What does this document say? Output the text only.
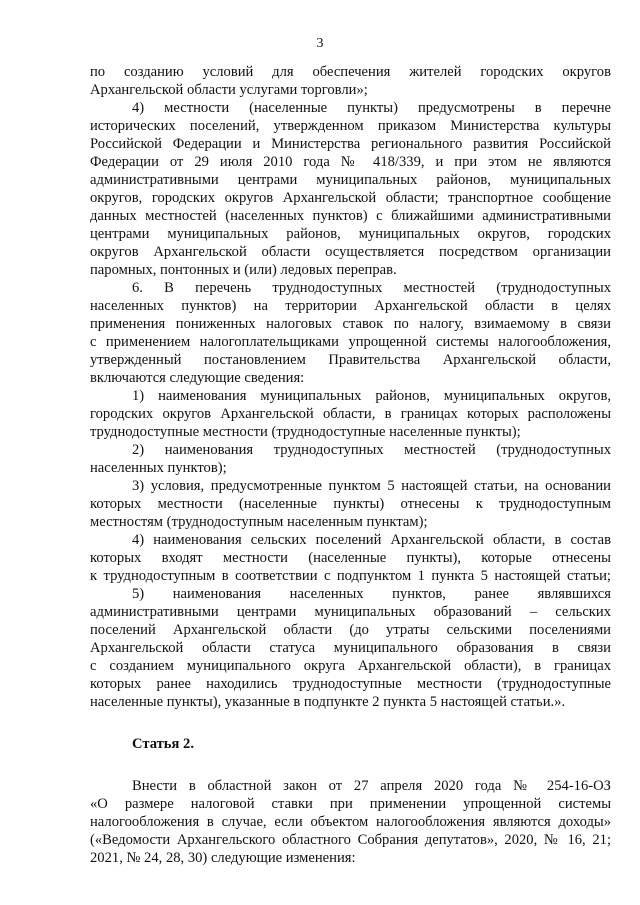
3
по созданию условий для обеспечения жителей городских округов
Архангельской области услугами торговли»;
4) местности (населенные пункты) предусмотрены в перечне
исторических поселений, утвержденном приказом Министерства культуры
Российской Федерации и Министерства регионального развития Российской
Федерации от 29 июля 2010 года № 418/339, и при этом не являются
административными центрами муниципальных районов, муниципальных
округов, городских округов Архангельской области; транспортное сообщение
данных местностей (населенных пунктов) с ближайшими административными
центрами муниципальных районов, муниципальных округов, городских
округов Архангельской области осуществляется посредством организации
паромных, понтонных и (или) ледовых переправ.
6. В перечень труднодоступных местностей (труднодоступных
населенных пунктов) на территории Архангельской области в целях
применения пониженных налоговых ставок по налогу, взимаемому в связи
с применением налогоплательщиками упрощенной системы налогообложения,
утвержденный постановлением Правительства Архангельской области,
включаются следующие сведения:
1) наименования муниципальных районов, муниципальных округов,
городских округов Архангельской области, в границах которых расположены
труднодоступные местности (труднодоступные населенные пункты);
2) наименования труднодоступных местностей (труднодоступных
населенных пунктов);
3) условия, предусмотренные пунктом 5 настоящей статьи, на основании
которых местности (населенные пункты) отнесены к труднодоступным
местностям (труднодоступным населенным пунктам);
4) наименования сельских поселений Архангельской области, в состав
которых входят местности (населенные пункты), которые отнесены
к труднодоступным в соответствии с подпунктом 1 пункта 5 настоящей статьи;
5) наименования населенных пунктов, ранее являвшихся
административными центрами муниципальных образований – сельских
поселений Архангельской области (до утраты сельскими поселениями
Архангельской области статуса муниципального образования в связи
с созданием муниципального округа Архангельской области), в границах
которых ранее находились труднодоступные местности (труднодоступные
населенные пункты), указанные в подпункте 2 пункта 5 настоящей статьи.».
Статья 2.
Внести в областной закон от 27 апреля 2020 года № 254-16-ОЗ
«О размере налоговой ставки при применении упрощенной системы
налогообложения в случае, если объектом налогообложения являются доходы»
(«Ведомости Архангельского областного Собрания депутатов», 2020, № 16, 21;
2021, № 24, 28, 30) следующие изменения:
